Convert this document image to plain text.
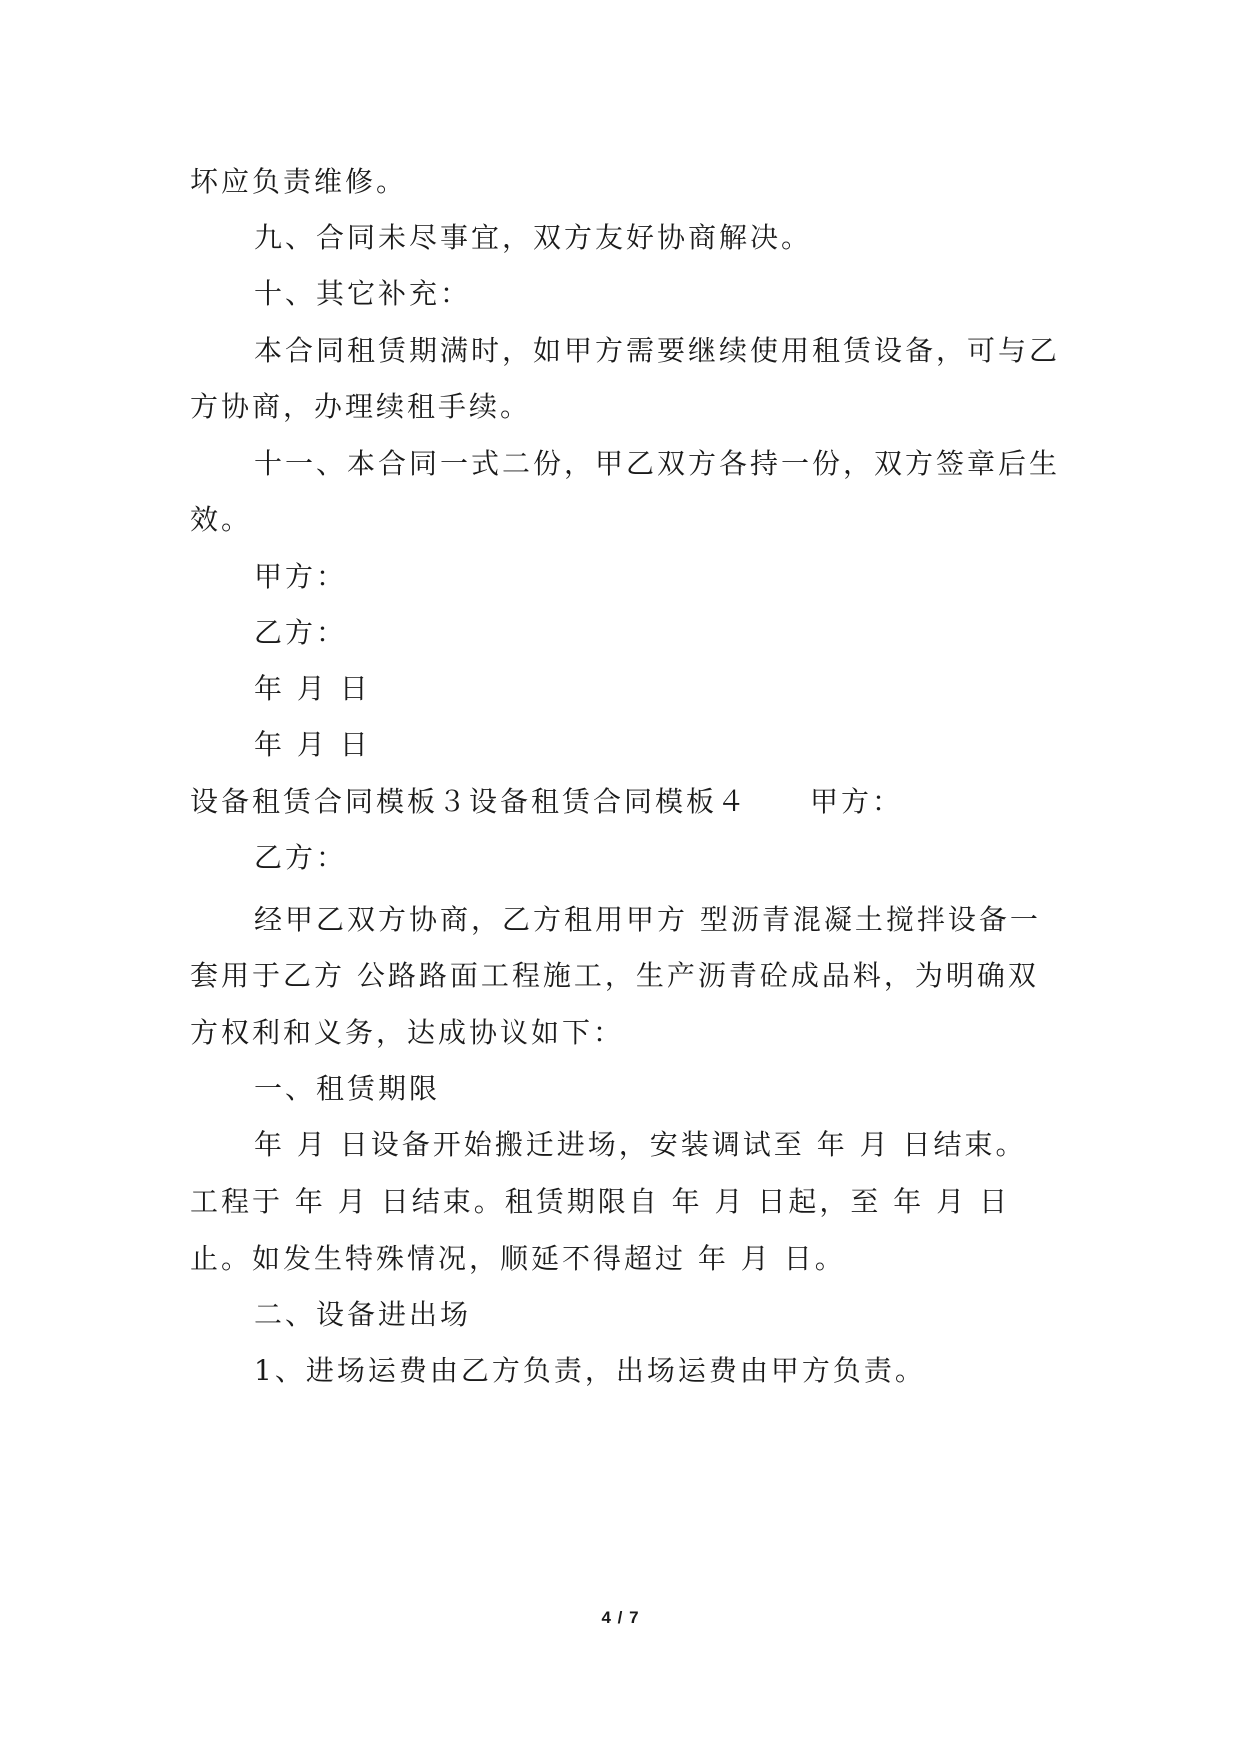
坏应负责维修。

九、合同未尽事宜，双方友好协商解决。

十、其它补充：

本合同租赁期满时，如甲方需要继续使用租赁设备，可与乙

方协商，办理续租手续。

十一、本合同一式二份，甲乙双方各持一份，双方签章后生

效。

甲方：

乙方：

年 月 日

年 月 日

设备租赁合同模板３设备租赁合同模板４　　甲方：

乙方：

经甲乙双方协商，乙方租用甲方 型沥青混凝土搅拌设备一

套用于乙方 公路路面工程施工，生产沥青砼成品料，为明确双

方权利和义务，达成协议如下：

一、租赁期限

年 月 日设备开始搬迁进场，安装调试至 年 月 日结束。

工程于 年 月 日结束。租赁期限自 年 月 日起，至 年 月 日

止。如发生特殊情况，顺延不得超过 年 月 日。

二、设备进出场

1、进场运费由乙方负责，出场运费由甲方负责。

4 / 7
